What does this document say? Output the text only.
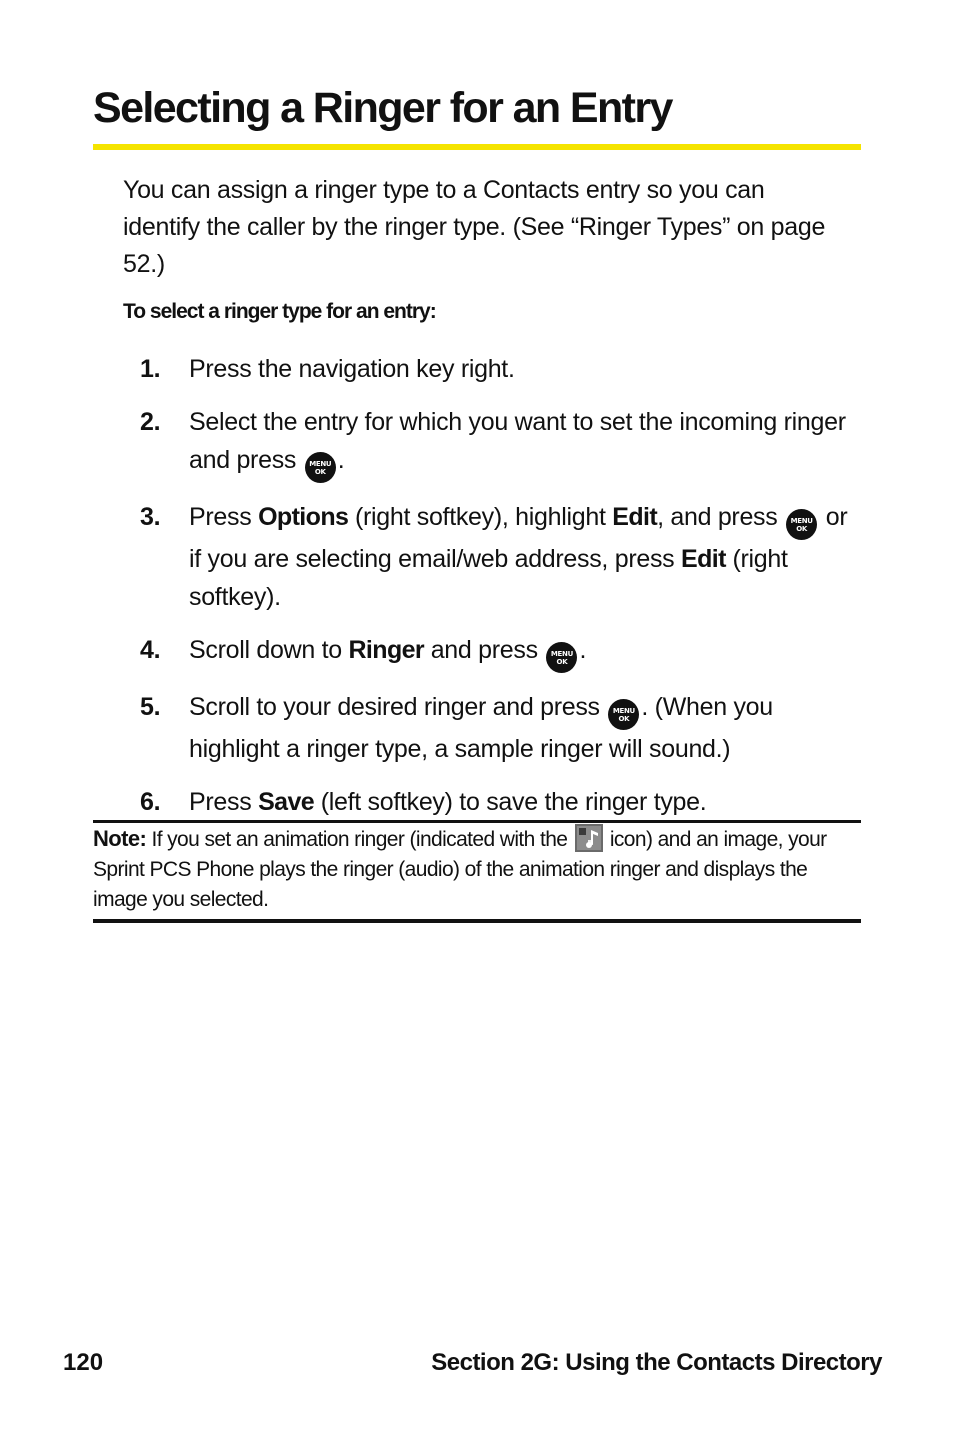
Selecting a Ringer for an Entry

You can assign a ringer type to a Contacts entry so you can identify the caller by the ringer type. (See “Ringer Types” on page 52.)

To select a ringer type for an entry:

1.	Press the navigation key right.
2.	Select the entry for which you want to set the incoming ringer and press MENU
OK .
3.	Press Options (right softkey), highlight Edit, and press MENU
OK or if you are selecting email/web address, press Edit (right softkey).
4.	Scroll down to Ringer and press MENU
OK .
5.	Scroll to your desired ringer and press MENU
OK . (When you highlight a ringer type, a sample ringer will sound.)
6.	Press Save (left softkey) to save the ringer type.

Note: If you set an animation ringer (indicated with the  icon) and an image, your Sprint PCS Phone plays the ringer (audio) of the animation ringer and displays the image you selected.

120	Section 2G: Using the Contacts Directory
